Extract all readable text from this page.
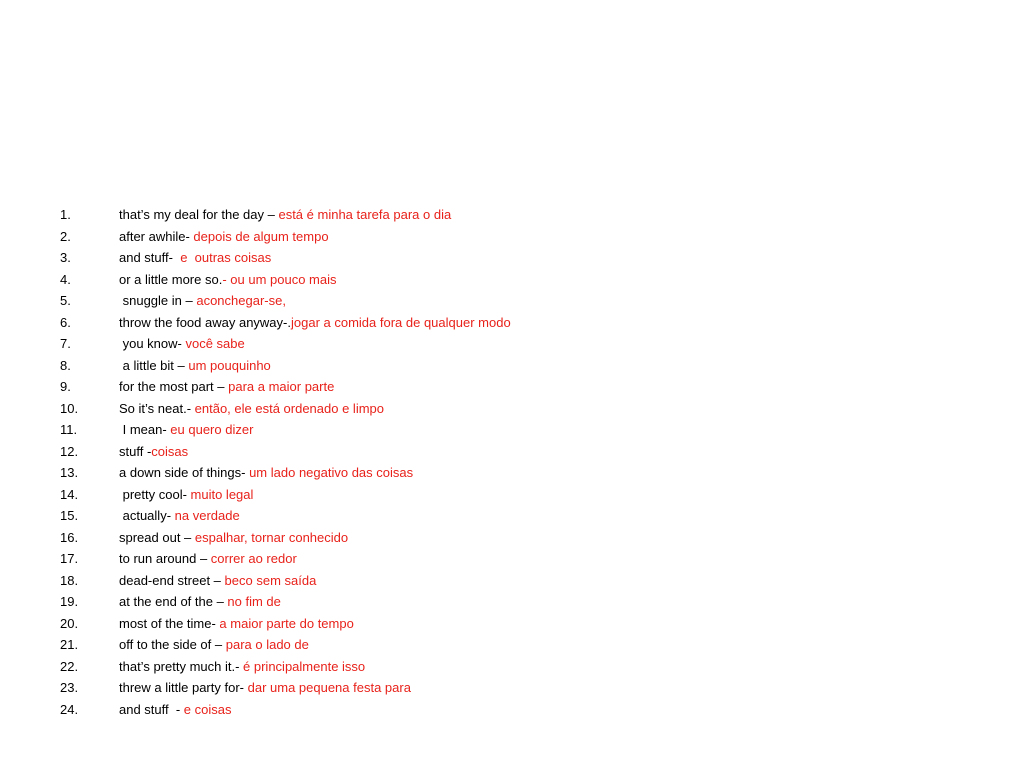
1.	that’s my deal for the day – está é minha tarefa para o dia
2.	after awhile- depois de algum tempo
3.	and stuff-  e  outras coisas
4.	or a little more so.- ou um pouco mais
5.	snuggle in – aconchegar-se,
6.	throw the food away anyway-.jogar a comida fora de qualquer modo
7.	you know- você sabe
8.	a little bit – um pouquinho
9.	for the most part – para a maior parte
10.	So it’s neat.- então, ele está ordenado e limpo
11.	I mean- eu quero dizer
12.	stuff -coisas
13.	a down side of things- um lado negativo das coisas
14.	pretty cool- muito legal
15.	actually- na verdade
16.	spread out – espalhar, tornar conhecido
17.	to run around – correr ao redor
18.	dead-end street – beco sem saída
19.	at the end of the – no fim de
20.	most of the time- a maior parte do tempo
21.	off to the side of – para o lado de
22.	that’s pretty much it.- é principalmente isso
23.	threw a little party for- dar uma pequena festa para
24.	and stuff  - e coisas
